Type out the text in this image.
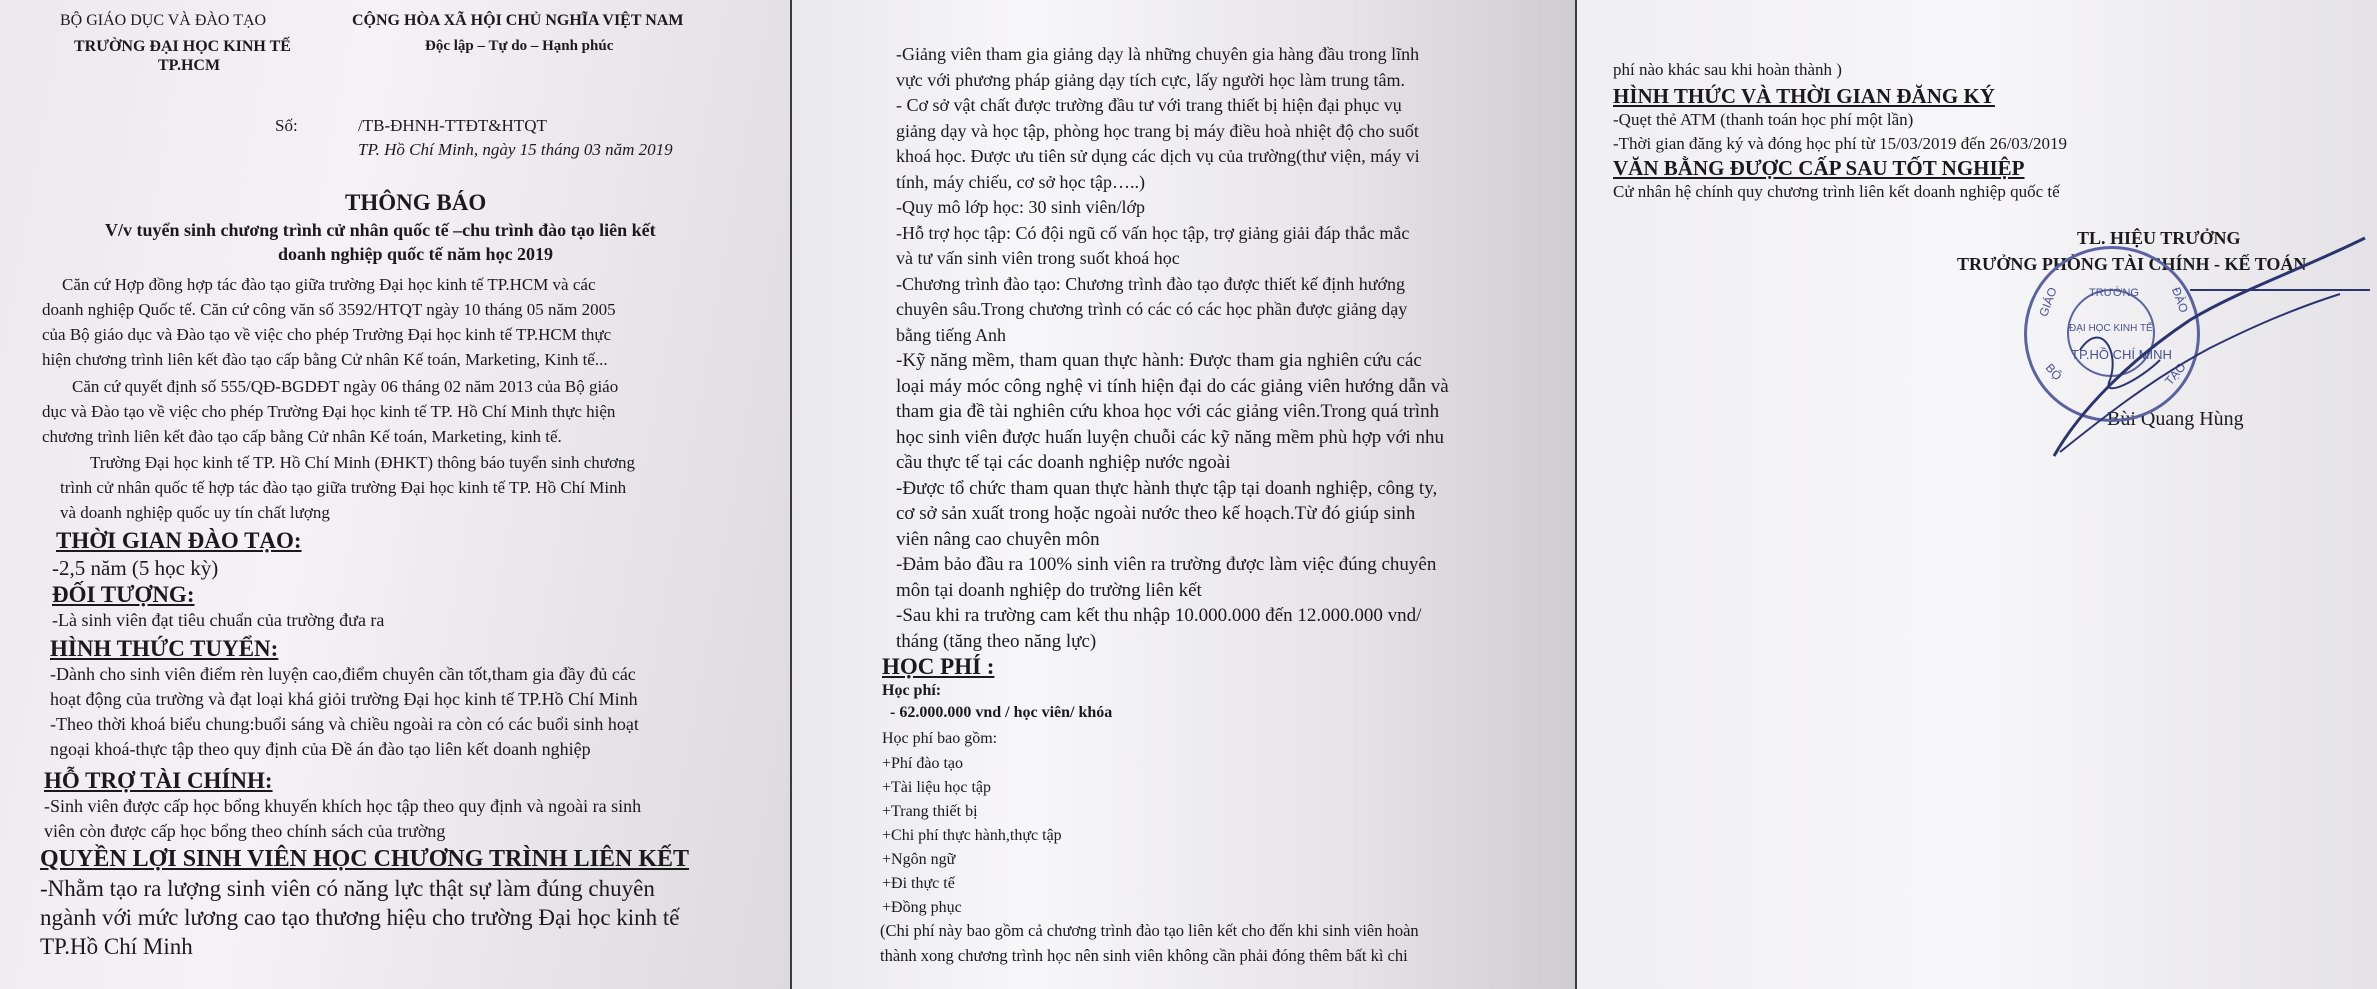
BỘ GIÁO DỤC VÀ ĐÀO TẠO
TRƯỜNG ĐẠI HỌC KINH TẾ
TP.HCM
CỘNG HÒA XÃ HỘI CHỦ NGHĨA VIỆT NAM
Độc lập – Tự do – Hạnh phúc
Số:	/TB-ĐHNH-TTĐT&HTQT
TP. Hồ Chí Minh, ngày 15 tháng 03 năm 2019
THÔNG BÁO
V/v tuyển sinh chương trình cử nhân quốc tế –chu trình đào tạo liên kết
doanh nghiệp quốc tế năm học 2019
Căn cứ Hợp đồng hợp tác đào tạo giữa trường Đại học kinh tế TP.HCM và các
doanh nghiệp Quốc tế. Căn cứ công văn số 3592/HTQT ngày 10 tháng 05 năm 2005
của Bộ giáo dục và Đào tạo về việc cho phép Trường Đại học kinh tế TP.HCM thực
hiện chương trình liên kết đào tạo cấp bằng Cử nhân Kế toán, Marketing, Kinh tế...
Căn cứ quyết định số 555/QĐ-BGDĐT ngày 06 tháng 02 năm 2013 của Bộ giáo
dục và Đào tạo về việc cho phép Trường Đại học kinh tế TP. Hồ Chí Minh thực hiện
chương trình liên kết đào tạo cấp bằng Cử nhân Kế toán, Marketing, kinh tế.
Trường Đại học kinh tế TP. Hồ Chí Minh (ĐHKT) thông báo tuyển sinh chương
trình cử nhân quốc tế hợp tác đào tạo giữa trường Đại học kinh tế TP. Hồ Chí Minh
và doanh nghiệp quốc uy tín chất lượng
THỜI GIAN ĐÀO TẠO:
-2,5 năm (5 học kỳ)
ĐỐI TƯỢNG:
-Là sinh viên đạt tiêu chuẩn của trường đưa ra
HÌNH THỨC TUYỂN:
-Dành cho sinh viên điểm rèn luyện cao,điểm chuyên cần tốt,tham gia đầy đủ các
hoạt động của trường và đạt loại khá giỏi trường Đại học kinh tế TP.Hồ Chí Minh
-Theo thời khoá biểu chung:buổi sáng và chiều ngoài ra còn có các buổi sinh hoạt
ngoại khoá-thực tập theo quy định của Đề án đào tạo liên kết doanh nghiệp
HỖ TRỢ TÀI CHÍNH:
-Sinh viên được cấp học bổng khuyến khích học tập theo quy định và ngoài ra sinh
viên còn được cấp học bổng theo chính sách của trường
QUYỀN LỢI SINH VIÊN HỌC CHƯƠNG TRÌNH LIÊN KẾT
-Nhằm tạo ra lượng sinh viên có năng lực thật sự làm đúng chuyên
ngành với mức lương cao tạo thương hiệu cho trường Đại học kinh tế
TP.Hồ Chí Minh
-Giảng viên tham gia giảng dạy là những chuyên gia hàng đầu trong lĩnh
vực với phương pháp giảng dạy tích cực, lấy người học làm trung tâm.
- Cơ sở vật chất được trường đầu tư với trang thiết bị hiện đại phục vụ
giảng dạy và học tập, phòng học trang bị máy điều hoà nhiệt độ cho suốt
khoá học. Được ưu tiên sử dụng các dịch vụ của trường(thư viện, máy vi
tính, máy chiếu, cơ sở học tập…..)
-Quy mô lớp học: 30 sinh viên/lớp
-Hỗ trợ học tập: Có đội ngũ cố vấn học tập, trợ giảng giải đáp thắc mắc
và tư vấn sinh viên trong suốt khoá học
-Chương trình đào tạo: Chương trình đào tạo được thiết kế định hướng
chuyên sâu.Trong chương trình có các có các học phần được giảng dạy
bằng tiếng Anh
-Kỹ năng mềm, tham quan thực hành: Được tham gia nghiên cứu các
loại máy móc công nghệ vi tính hiện đại do các giảng viên hướng dẫn và
tham gia đề tài nghiên cứu khoa học với các giảng viên.Trong quá trình
học sinh viên được huấn luyện chuỗi các kỹ năng mềm phù hợp với nhu
cầu thực tế tại các doanh nghiệp nước ngoài
-Được tổ chức tham quan thực hành thực tập tại doanh nghiệp, công ty,
cơ sở sản xuất trong hoặc ngoài nước theo kế hoạch.Từ đó giúp sinh
viên nâng cao chuyên môn
-Đảm bảo đầu ra 100% sinh viên ra trường được làm việc đúng chuyên
môn tại doanh nghiệp do trường liên kết
-Sau khi ra trường cam kết thu nhập 10.000.000 đến 12.000.000 vnd/
tháng (tăng theo năng lực)
HỌC PHÍ :
Học phí:
- 62.000.000 vnd / học viên/ khóa
Học phí bao gồm:
+Phí đào tạo
+Tài liệu học tập
+Trang thiết bị
+Chi phí thực hành,thực tập
+Ngôn ngữ
+Đi thực tế
+Đồng phục
(Chi phí này bao gồm cả chương trình đào tạo liên kết cho đến khi sinh viên hoàn
thành xong chương trình học nên sinh viên không cần phải đóng thêm bất kì chi
phí nào khác sau khi hoàn thành )
HÌNH THỨC VÀ THỜI GIAN ĐĂNG KÝ
-Quẹt thẻ ATM (thanh toán học phí một lần)
-Thời gian đăng ký và đóng học phí từ 15/03/2019 đến 26/03/2019
VĂN BẰNG ĐƯỢC CẤP SAU TỐT NGHIỆP
Cử nhân hệ chính quy chương trình liên kết doanh nghiệp quốc tế
TL. HIỆU TRƯỞNG
TRƯỞNG PHÒNG TÀI CHÍNH - KẾ TOÁN
Bùi Quang Hùng
TRƯỜNG
ĐẠI HỌC KINH TẾ
TP.HỒ CHÍ MINH
GIÁO	ĐÀO
BỘ	TẠO
